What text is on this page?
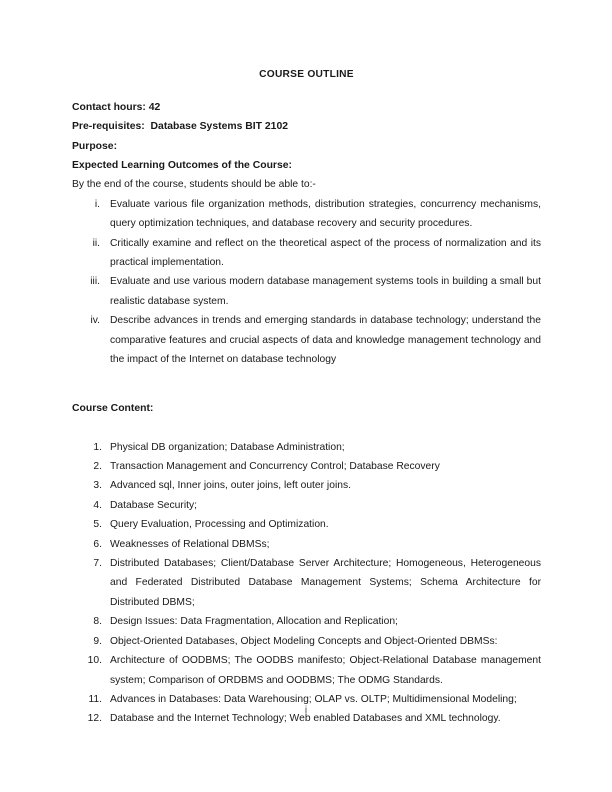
COURSE OUTLINE
Contact hours: 42
Pre-requisites:  Database Systems BIT 2102
Purpose:
Expected Learning Outcomes of the Course:
By the end of the course, students should be able to:-
i. Evaluate various file organization methods, distribution strategies, concurrency mechanisms, query optimization techniques, and database recovery and security procedures.
ii. Critically examine and reflect on the theoretical aspect of the process of normalization and its practical implementation.
iii. Evaluate and use various modern database management systems tools in building a small but realistic database system.
iv. Describe advances in trends and emerging standards in database technology; understand the comparative features and crucial aspects of data and knowledge management technology and the impact of the Internet on database technology
Course Content:
1. Physical DB organization; Database Administration;
2. Transaction Management and Concurrency Control; Database Recovery
3. Advanced sql, Inner joins, outer joins, left outer joins.
4. Database Security;
5. Query Evaluation, Processing and Optimization.
6. Weaknesses of Relational DBMSs;
7. Distributed Databases; Client/Database Server Architecture; Homogeneous, Heterogeneous and Federated Distributed Database Management Systems; Schema Architecture for Distributed DBMS;
8. Design Issues: Data Fragmentation, Allocation and Replication;
9. Object-Oriented Databases, Object Modeling Concepts and Object-Oriented DBMSs:
10. Architecture of OODBMS; The OODBS manifesto; Object-Relational Database management system; Comparison of ORDBMS and OODBMS; The ODMG Standards.
11. Advances in Databases: Data Warehousing; OLAP vs. OLTP; Multidimensional Modeling;
12. Database and the Internet Technology; Web enabled Databases and XML technology.
i
